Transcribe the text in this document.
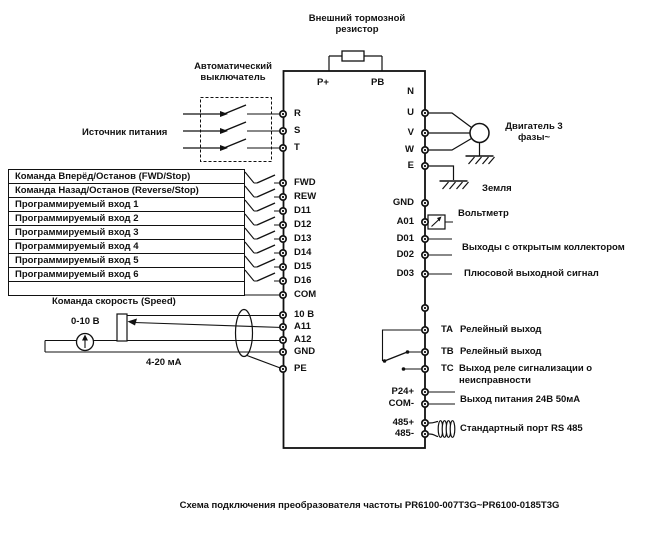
Внешний тормозной резистор
Автоматический выключатель
Источник питания
Команда скорость (Speed)
0-10 В
4-20 мА
Команда Вперёд/Останов (FWD/Stop)
Команда Назад/Останов (Reverse/Stop)
Программируемый вход 1
Программируемый вход 2
Программируемый вход 3
Программируемый вход 4
Программируемый вход 5
Программируемый вход 6
P+	PB
R
S
T
FWD
REW
D11
D12
D13
D14
D15
D16
COM
10 В
A11
A12
GND
PE
N
U
V
W
E
GND
A01
D01
D02
D03
P24+
COM-
485+
485-
Двигатель 3 фазы~
Земля
Вольтметр
Выходы с открытым коллектором
Плюсовой выходной сигнал
TA Релейный выход
TB Релейный выход
TC Выход реле сигнализации о неисправности
Выход питания 24В 50мА
Стандартный порт RS 485
Схема подключения преобразователя частоты PR6100-007T3G~PR6100-0185T3G
